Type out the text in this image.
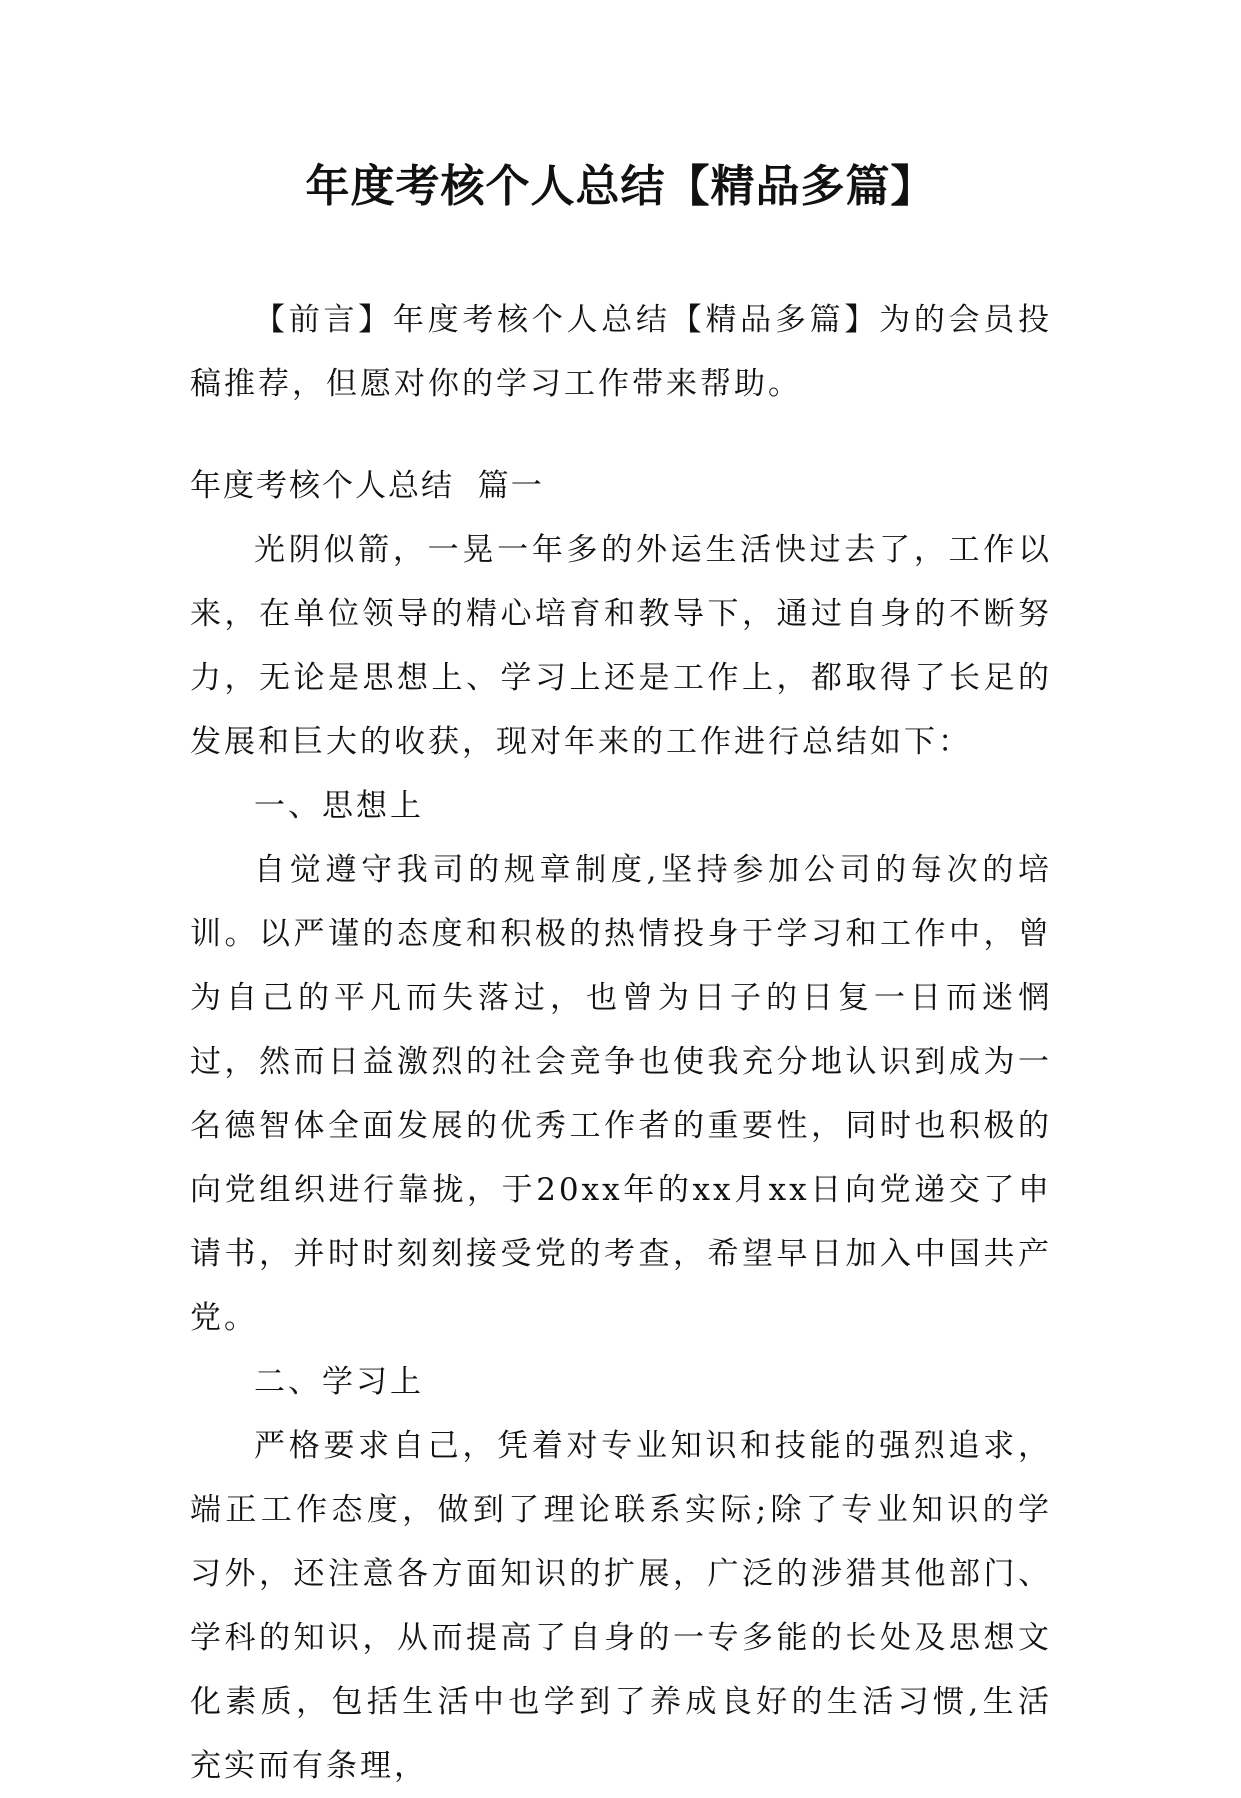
年度考核个人总结【精品多篇】

【前言】年度考核个人总结【精品多篇】为的会员投稿推荐，但愿对你的学习工作带来帮助。

年度考核个人总结  篇一

光阴似箭，一晃一年多的外运生活快过去了，工作以来，在单位领导的精心培育和教导下，通过自身的不断努力，无论是思想上、学习上还是工作上，都取得了长足的发展和巨大的收获，现对年来的工作进行总结如下：

一、思想上

自觉遵守我司的规章制度,坚持参加公司的每次的培训。以严谨的态度和积极的热情投身于学习和工作中，曾为自己的平凡而失落过，也曾为日子的日复一日而迷惘过，然而日益激烈的社会竞争也使我充分地认识到成为一名德智体全面发展的优秀工作者的重要性，同时也积极的向党组织进行靠拢，于20xx年的xx月xx日向党递交了申请书，并时时刻刻接受党的考查，希望早日加入中国共产党。

二、学习上

严格要求自己，凭着对专业知识和技能的强烈追求，端正工作态度，做到了理论联系实际;除了专业知识的学习外，还注意各方面知识的扩展，广泛的涉猎其他部门、学科的知识，从而提高了自身的一专多能的长处及思想文化素质，包括生活中也学到了养成良好的生活习惯,生活充实而有条理，
